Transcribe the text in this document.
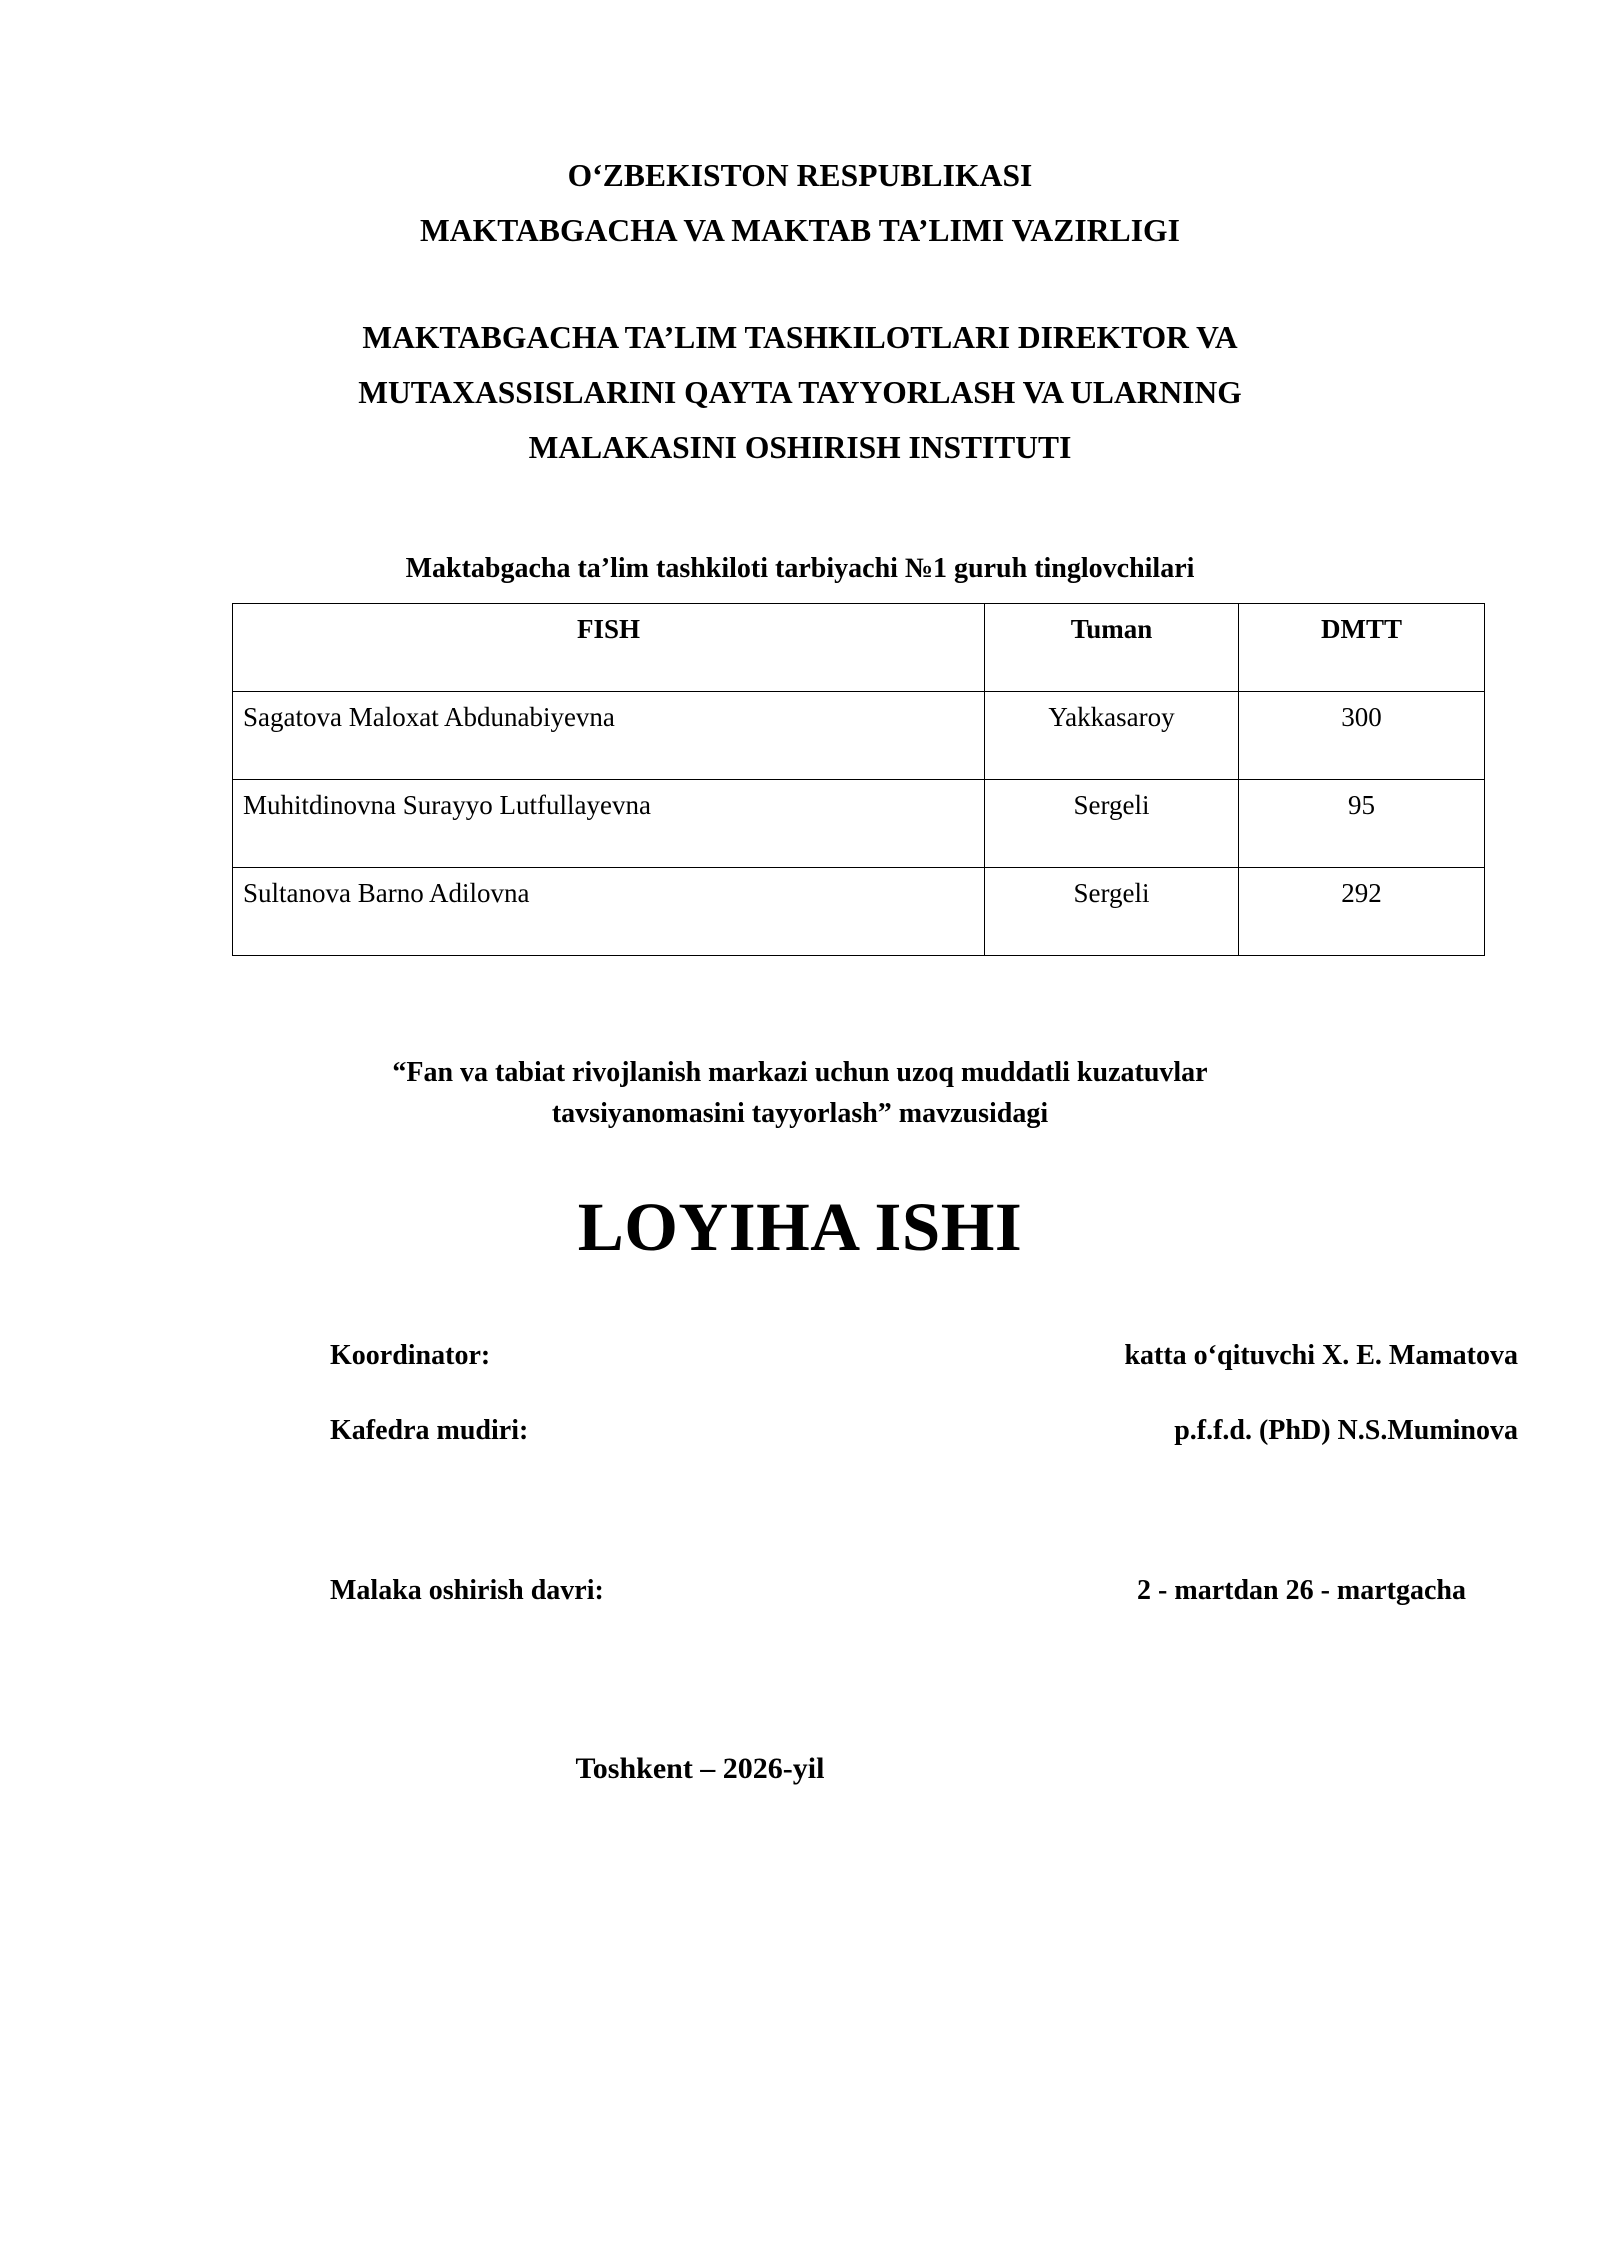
O‘ZBEKISTON RESPUBLIKASI
MAKTABGACHA VA MAKTAB TA’LIMI VAZIRLIGI
MAKTABGACHA TA’LIM TASHKILOTLARI DIREKTOR VA
MUTAXASSISLARINI QAYTA TAYYORLASH VA ULARNING
MALAKASINI OSHIRISH INSTITUTI
Maktabgacha ta’lim tashkiloti tarbiyachi №1 guruh tinglovchilari
FISH	Tuman	DMTT
Sagatova Maloxat Abdunabiyevna	Yakkasaroy	300
Muhitdinovna Surayyo Lutfullayevna	Sergeli	95
Sultanova Barno Adilovna	Sergeli	292
“Fan va tabiat rivojlanish markazi uchun uzoq muddatli kuzatuvlar
tavsiyanomasini tayyorlash” mavzusidagi
LOYIHA ISHI
Koordinator:	katta o‘qituvchi X. E. Mamatova
Kafedra mudiri:	p.f.f.d. (PhD) N.S.Muminova
Malaka oshirish davri:	2 - martdan 26 - martgacha
Toshkent – 2026-yil
